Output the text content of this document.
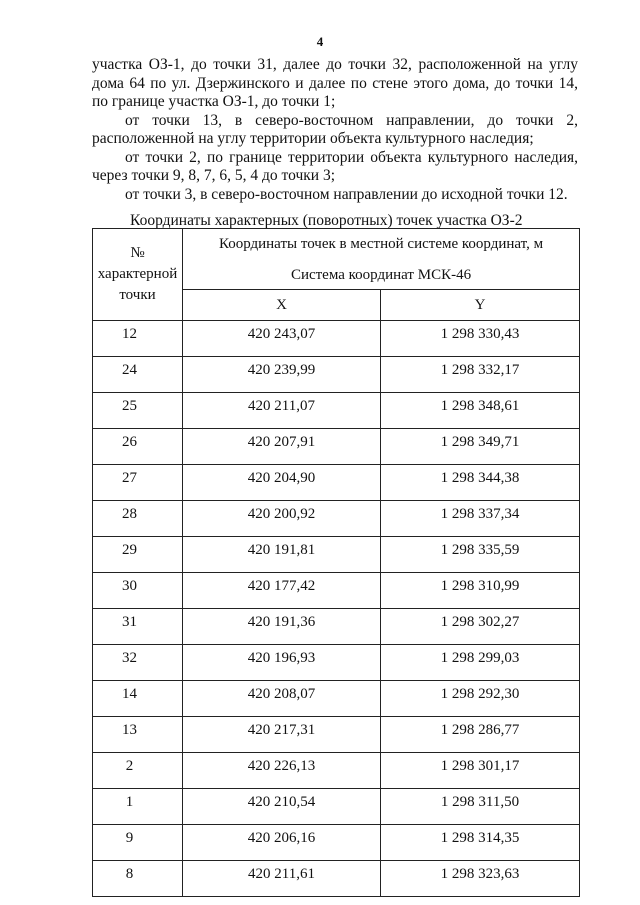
4

участка ОЗ-1, до точки 31, далее до точки 32, расположенной на углу дома 64 по ул. Дзержинского и далее по стене этого дома, до точки 14, по границе участка ОЗ-1, до точки 1;

от точки 13, в северо-восточном направлении, до точки 2, расположенной на углу территории объекта культурного наследия;

от точки 2, по границе территории объекта культурного наследия, через точки 9, 8, 7, 6, 5, 4 до точки 3;

от точки 3, в северо-восточном направлении до исходной точки 12.

Координаты характерных (поворотных) точек участка ОЗ-2
№ характерной точки	Координаты точек в местной системе координат, м
Система координат МСК-46	

	X	Y
12	420 243,07	1 298 330,43
24	420 239,99	1 298 332,17
25	420 211,07	1 298 348,61
26	420 207,91	1 298 349,71
27	420 204,90	1 298 344,38
28	420 200,92	1 298 337,34
29	420 191,81	1 298 335,59
30	420 177,42	1 298 310,99
31	420 191,36	1 298 302,27
32	420 196,93	1 298 299,03
14	420 208,07	1 298 292,30
13	420 217,31	1 298 286,77
2	420 226,13	1 298 301,17
1	420 210,54	1 298 311,50
9	420 206,16	1 298 314,35
8	420 211,61	1 298 323,63
